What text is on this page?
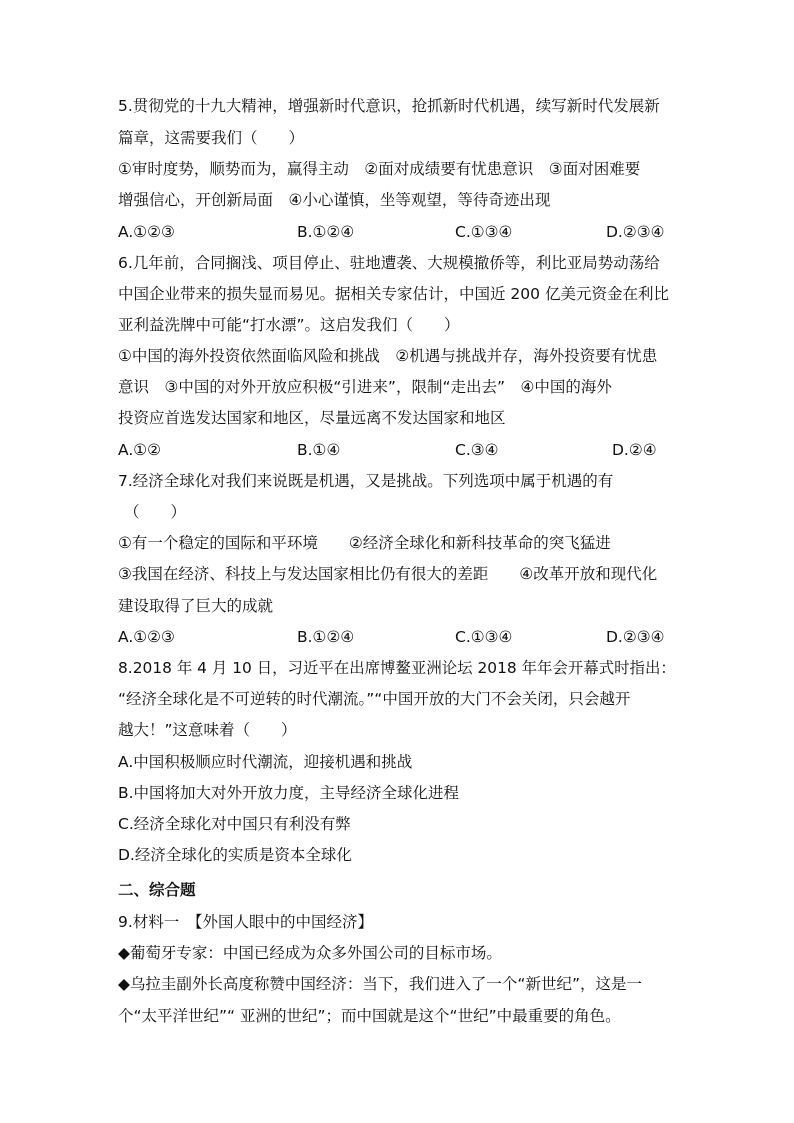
5.贯彻党的十九大精神，增强新时代意识，抢抓新时代机遇，续写新时代发展新
篇章，这需要我们（　　）
①审时度势，顺势而为，赢得主动　②面对成绩要有忧患意识　③面对困难要
增强信心，开创新局面　④小心谨慎，坐等观望，等待奇迹出现
A.①②③	B.①②④	C.①③④	D.②③④
6.几年前，合同搁浅、项目停止、驻地遭袭、大规模撤侨等，利比亚局势动荡给
中国企业带来的损失显而易见。据相关专家估计，中国近 200 亿美元资金在利比
亚利益洗牌中可能“打水漂”。这启发我们（　　）
①中国的海外投资依然面临风险和挑战　②机遇与挑战并存，海外投资要有忧患
意识　③中国的对外开放应积极“引进来”，限制“走出去”　④中国的海外
投资应首选发达国家和地区，尽量远离不发达国家和地区
A.①②	B.①④	C.③④	D.②④
7.经济全球化对我们来说既是机遇，又是挑战。下列选项中属于机遇的有
（　　）
①有一个稳定的国际和平环境　　②经济全球化和新科技革命的突飞猛进
③我国在经济、科技上与发达国家相比仍有很大的差距　　④改革开放和现代化
建设取得了巨大的成就
A.①②③	B.①②④	C.①③④	D.②③④
8.2018 年 4 月 10 日，习近平在出席博鳌亚洲论坛 2018 年年会开幕式时指出：
“经济全球化是不可逆转的时代潮流。”“中国开放的大门不会关闭，只会越开
越大！”这意味着（　　）
A.中国积极顺应时代潮流，迎接机遇和挑战
B.中国将加大对外开放力度，主导经济全球化进程
C.经济全球化对中国只有利没有弊
D.经济全球化的实质是资本全球化
二、综合题
9.材料一　【外国人眼中的中国经济】
◆葡萄牙专家：中国已经成为众多外国公司的目标市场。
◆乌拉圭副外长高度称赞中国经济：当下，我们进入了一个“新世纪”，这是一
个“太平洋世纪”“ 亚洲的世纪”；而中国就是这个“世纪”中最重要的角色。
